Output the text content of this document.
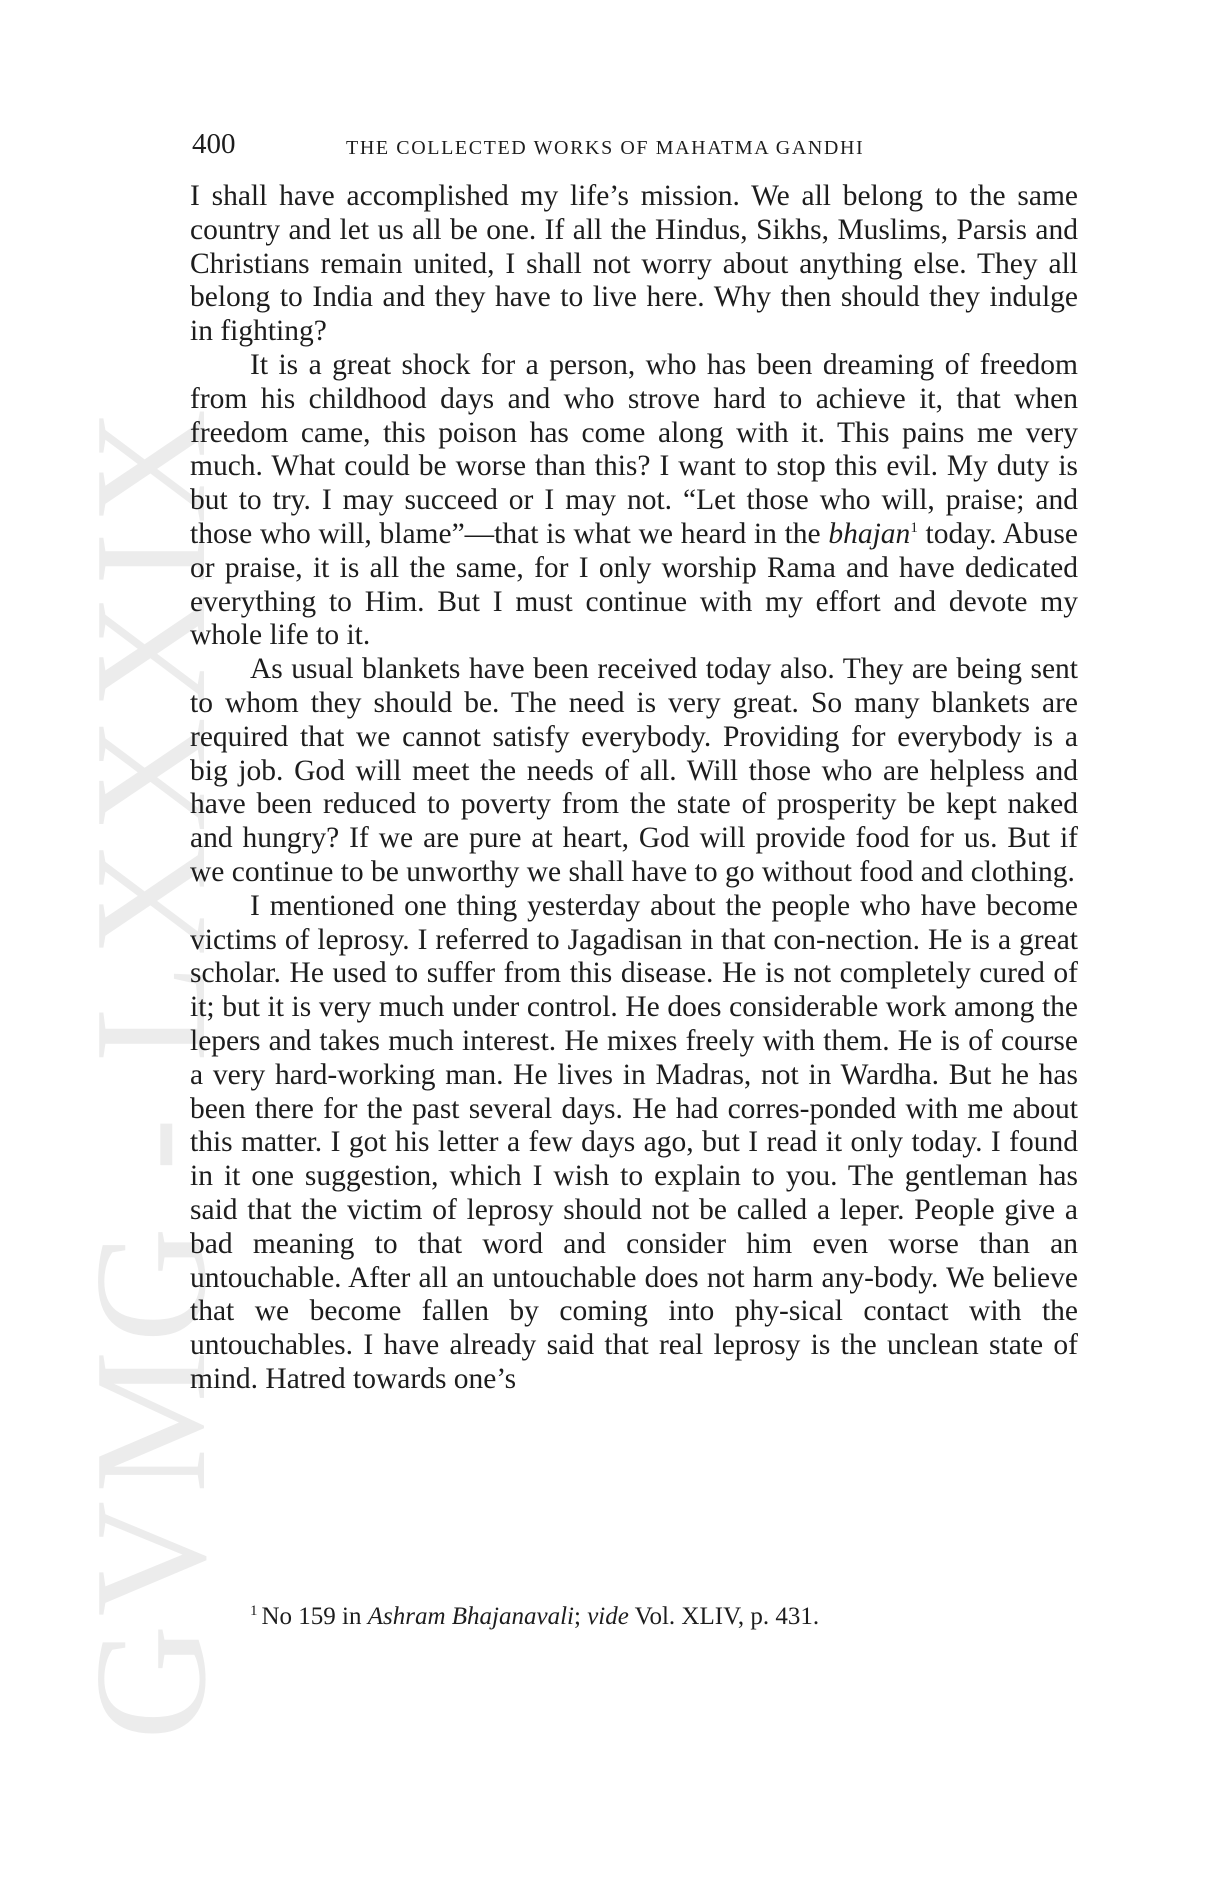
GVMG - LXXXIX
400	THE COLLECTED WORKS OF MAHATMA GANDHI

I shall have accomplished my life’s mission. We all belong to the same country and let us all be one. If all the Hindus, Sikhs, Muslims, Parsis and Christians remain united, I shall not worry about anything else. They all belong to India and they have to live here. Why then should they indulge in fighting?

It is a great shock for a person, who has been dreaming of freedom from his childhood days and who strove hard to achieve it, that when freedom came, this poison has come along with it. This pains me very much. What could be worse than this? I want to stop this evil. My duty is but to try. I may succeed or I may not. “Let those who will, praise; and those who will, blame”—that is what we heard in the bhajan$^1$ today. Abuse or praise, it is all the same, for I only worship Rama and have dedicated everything to Him. But I must continue with my effort and devote my whole life to it.

As usual blankets have been received today also. They are being sent to whom they should be. The need is very great. So many blankets are required that we cannot satisfy everybody. Providing for everybody is a big job. God will meet the needs of all. Will those who are helpless and have been reduced to poverty from the state of prosperity be kept naked and hungry? If we are pure at heart, God will provide food for us. But if we continue to be unworthy we shall have to go without food and clothing.

I mentioned one thing yesterday about the people who have become victims of leprosy. I referred to Jagadisan in that con-nection. He is a great scholar. He used to suffer from this disease. He is not completely cured of it; but it is very much under control. He does considerable work among the lepers and takes much interest. He mixes freely with them. He is of course a very hard-working man. He lives in Madras, not in Wardha. But he has been there for the past several days. He had corres-ponded with me about this matter. I got his letter a few days ago, but I read it only today. I found in it one suggestion, which I wish to explain to you. The gentleman has said that the victim of leprosy should not be called a leper. People give a bad meaning to that word and consider him even worse than an untouchable. After all an untouchable does not harm any-body. We believe that we become fallen by coming into phy-sical contact with the untouchables. I have already said that real leprosy is the unclean state of mind. Hatred towards one’s

$^1$ No 159 in Ashram Bhajanavali; vide Vol. XLIV, p. 431.
